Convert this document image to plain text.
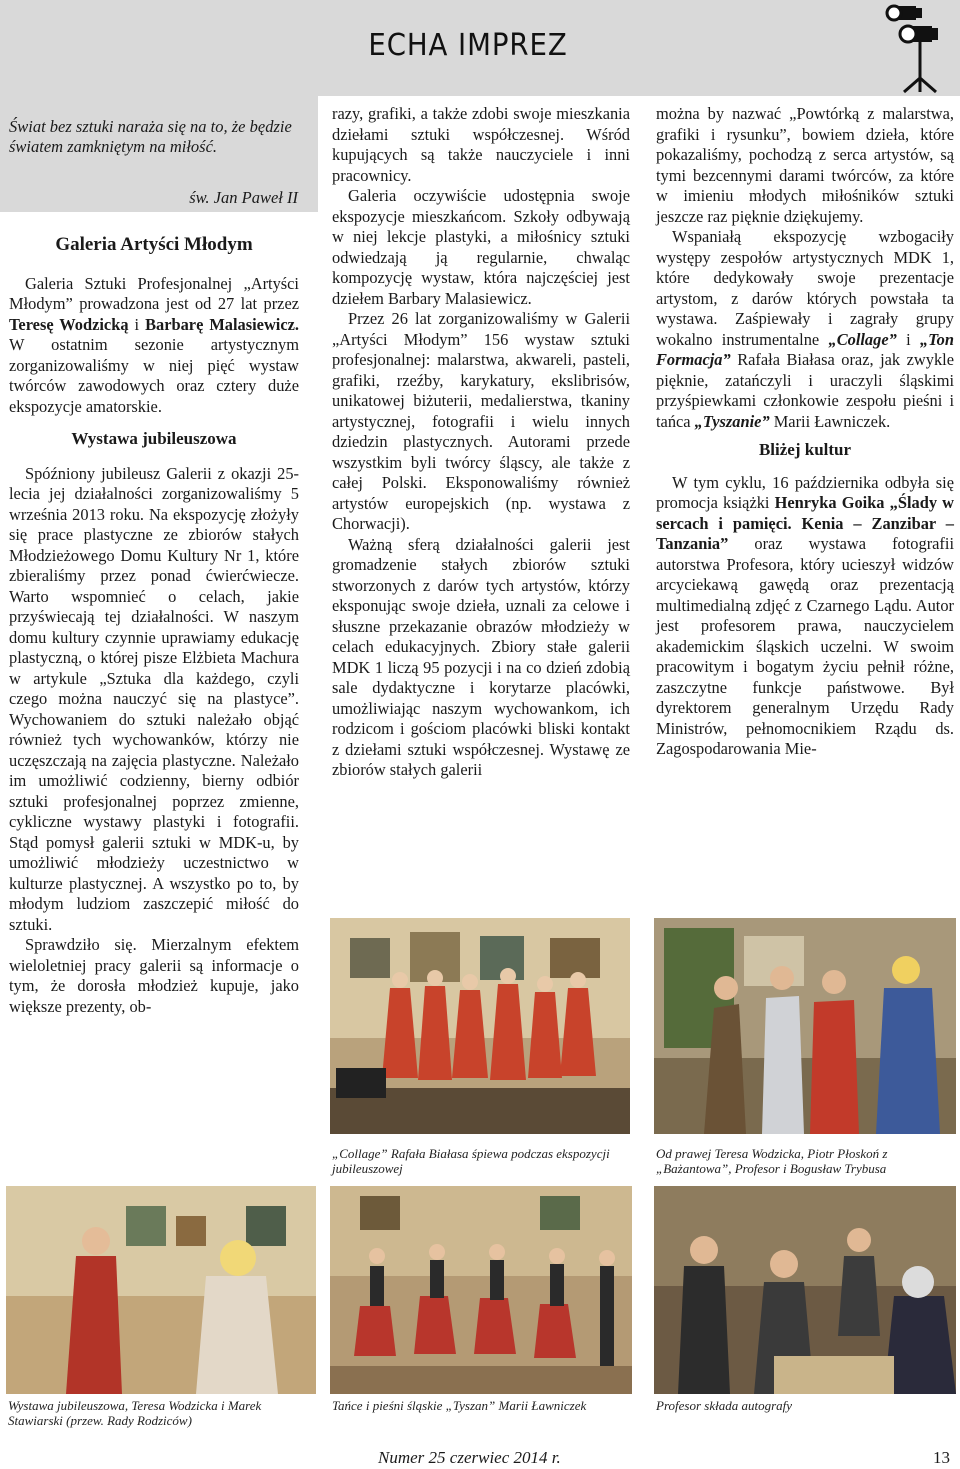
ECHA IMPREZ
Świat bez sztuki naraża się na to, że będzie światem zamkniętym na miłość.
św. Jan Paweł II
Galeria Artyści Młodym

Galeria Sztuki Profesjonalnej „Artyści Młodym” prowadzona jest od 27 lat przez Teresę Wodzicką i Barbarę Malasiewicz. W ostatnim sezonie artystycznym zorganizowaliśmy w niej pięć wystaw twórców zawodowych oraz cztery duże ekspozycje amatorskie.

Wystawa jubileuszowa

Spóźniony jubileusz Galerii z okazji 25-lecia jej działalności zorganizowaliśmy 5 września 2013 roku. Na ekspozycję złożyły się prace plastyczne ze zbiorów stałych Młodzieżowego Domu Kultury Nr 1, które zbieraliśmy przez ponad ćwierćwiecze. Warto wspomnieć o celach, jakie przyświecają tej działalności. W naszym domu kultury czynnie uprawiamy edukację plastyczną, o której pisze Elżbieta Machura w artykule „Sztuka dla każdego, czyli czego można nauczyć się na plastyce”. Wychowaniem do sztuki należało objąć również tych wychowanków, którzy nie uczęszczają na zajęcia plastyczne. Należało im umożliwić codzienny, bierny odbiór sztuki profesjonalnej poprzez zmienne, cykliczne wystawy plastyki i fotografii. Stąd pomysł galerii sztuki w MDK-u, by umożliwić młodzieży uczestnictwo w kulturze plastycznej. A wszystko po to, by młodym ludziom zaszczepić miłość do sztuki.

Sprawdziło się. Mierzalnym efektem wieloletniej pracy galerii są informacje o tym, że dorosła młodzież kupuje, jako większe prezenty, ob-

razy, grafiki, a także zdobi swoje mieszkania dziełami sztuki współczesnej. Wśród kupujących są także nauczyciele i inni pracownicy.

Galeria oczywiście udostępnia swoje ekspozycje mieszkańcom. Szkoły odbywają w niej lekcje plastyki, a miłośnicy sztuki odwiedzają ją regularnie, chwaląc kompozycję wystaw, która najczęściej jest dziełem Barbary Malasiewicz.

Przez 26 lat zorganizowaliśmy w Galerii „Artyści Młodym” 156 wystaw sztuki profesjonalnej: malarstwa, akwareli, pasteli, grafiki, rzeźby, karykatury, ekslibrisów, unikatowej biżuterii, medalierstwa, tkaniny artystycznej, fotografii i wielu innych dziedzin plastycznych. Autorami przede wszystkim byli twórcy śląscy, ale także z całej Polski. Eksponowaliśmy również artystów europejskich (np. wystawa z Chorwacji).

Ważną sferą działalności galerii jest gromadzenie stałych zbiorów sztuki stworzonych z darów tych artystów, którzy eksponując swoje dzieła, uznali za celowe i słuszne przekazanie obrazów młodzieży w celach edukacyjnych. Zbiory stałe galerii MDK 1 liczą 95 pozycji i na co dzień zdobią sale dydaktyczne i korytarze placówki, umożliwiając naszym wychowankom, ich rodzicom i gościom placówki bliski kontakt z dziełami sztuki współczesnej. Wystawę ze zbiorów stałych galerii

można by nazwać „Powtórką z malarstwa, grafiki i rysunku”, bowiem dzieła, które pokazaliśmy, pochodzą z serca artystów, są tymi bezcennymi darami twórców, za które w imieniu młodych miłośników sztuki jeszcze raz pięknie dziękujemy.

Wspaniałą ekspozycję wzbogaciły występy zespołów artystycznych MDK 1, które dedykowały swoje prezentacje artystom, z darów których powstała ta wystawa. Zaśpiewały i zagrały grupy wokalno instrumentalne „Collage” i „Ton Formacja” Rafała Białasa oraz, jak zwykle pięknie, zatańczyli i uraczyli śląskimi przyśpiewkami członkowie zespołu pieśni i tańca „Tyszanie” Marii Ławniczek.

Bliżej kultur

W tym cyklu, 16 października odbyła się promocja książki Henryka Goika „Ślady w sercach i pamięci. Kenia – Zanzibar – Tanzania” oraz wystawa fotografii autorstwa Profesora, który ucieszył widzów arcyciekawą gawędą oraz prezentacją multimedialną zdjęć z Czarnego Lądu. Autor jest profesorem prawa, nauczycielem akademickim śląskich uczelni. W swoim pracowitym i bogatym życiu pełnił różne, zaszczytne funkcje państwowe. Był dyrektorem generalnym Urzędu Rady Ministrów, pełnomocnikiem Rządu ds. Zagospodarowania Mie-

„Collage” Rafała Białasa śpiewa podczas ekspozycji jubileuszowej
Od prawej Teresa Wodzicka, Piotr Płoskoń z „Bażantowa”, Profesor i Bogusław Trybusa
Wystawa jubileuszowa, Teresa Wodzicka i Marek Stawiarski (przew. Rady Rodziców)
Tańce i pieśni śląskie „Tyszan” Marii Ławniczek	Profesor składa autografy
Numer 25 czerwiec 2014 r.	13
